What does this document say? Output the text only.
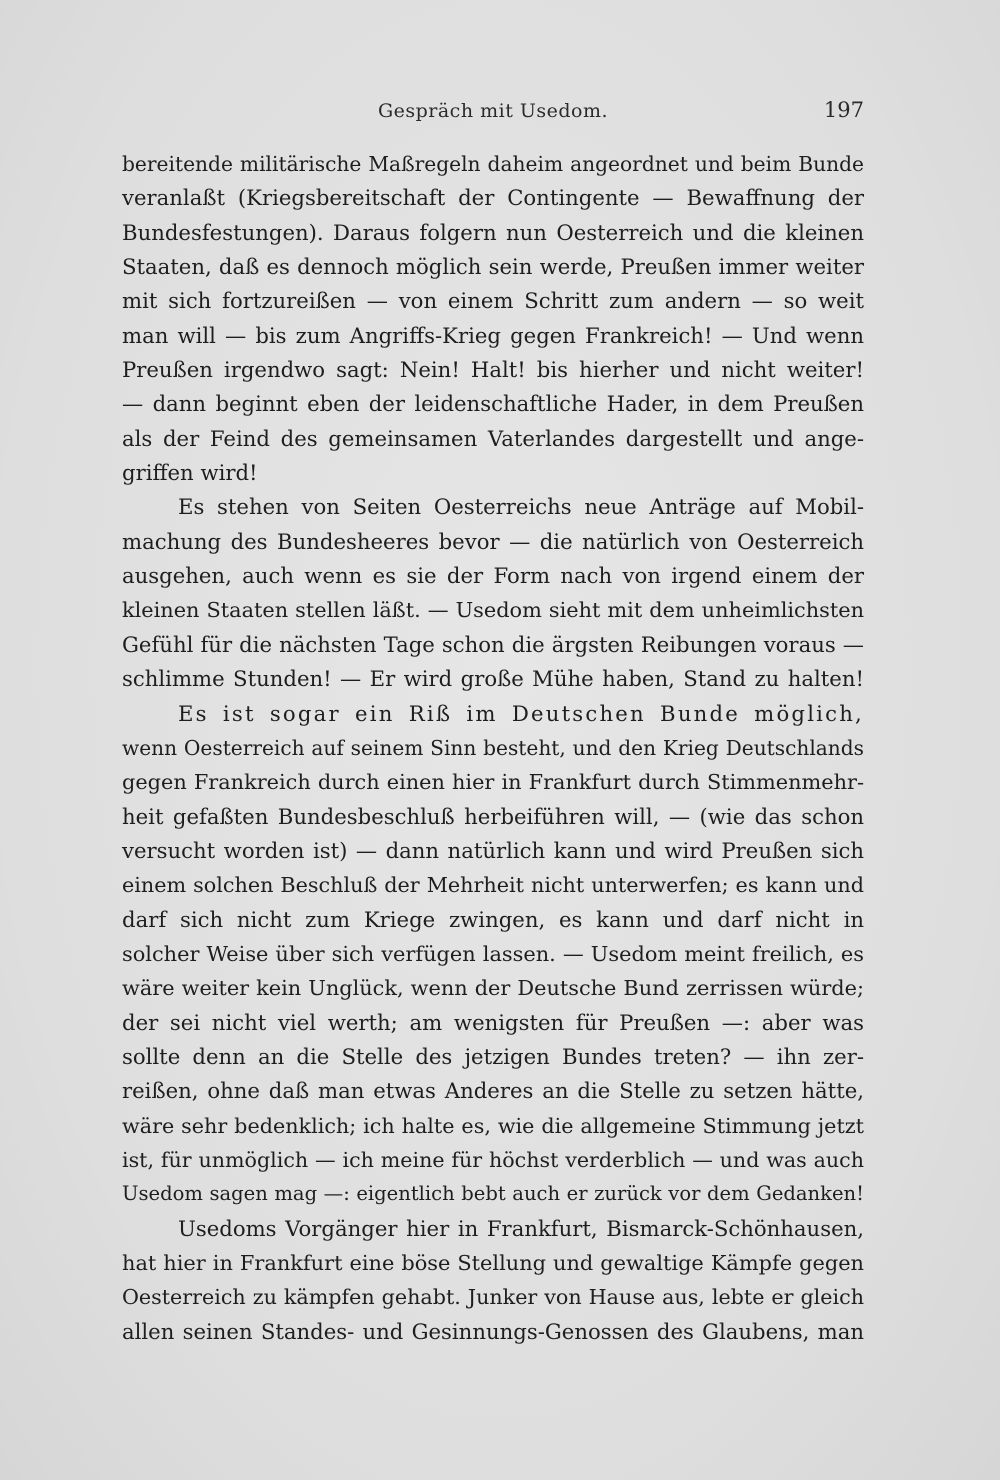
Gespräch mit Usedom.	197
bereitende militärische Maßregeln daheim angeordnet und beim Bunde
veranlaßt (Kriegsbereitschaft der Contingente — Bewaffnung der
Bundesfestungen). Daraus folgern nun Oesterreich und die kleinen
Staaten, daß es dennoch möglich sein werde, Preußen immer weiter
mit sich fortzureißen — von einem Schritt zum andern — so weit
man will — bis zum Angriffs-Krieg gegen Frankreich! — Und wenn
Preußen irgendwo sagt: Nein! Halt! bis hierher und nicht weiter!
— dann beginnt eben der leidenschaftliche Hader, in dem Preußen
als der Feind des gemeinsamen Vaterlandes dargestellt und ange-
griffen wird!
Es stehen von Seiten Oesterreichs neue Anträge auf Mobil-
machung des Bundesheeres bevor — die natürlich von Oesterreich
ausgehen, auch wenn es sie der Form nach von irgend einem der
kleinen Staaten stellen läßt. — Usedom sieht mit dem unheimlichsten
Gefühl für die nächsten Tage schon die ärgsten Reibungen voraus —
schlimme Stunden! — Er wird große Mühe haben, Stand zu halten!
Es ist sogar ein Riß im Deutschen Bunde möglich,
wenn Oesterreich auf seinem Sinn besteht, und den Krieg Deutschlands
gegen Frankreich durch einen hier in Frankfurt durch Stimmenmehr-
heit gefaßten Bundesbeschluß herbeiführen will, — (wie das schon
versucht worden ist) — dann natürlich kann und wird Preußen sich
einem solchen Beschluß der Mehrheit nicht unterwerfen; es kann und
darf sich nicht zum Kriege zwingen, es kann und darf nicht in
solcher Weise über sich verfügen lassen. — Usedom meint freilich, es
wäre weiter kein Unglück, wenn der Deutsche Bund zerrissen würde;
der sei nicht viel werth; am wenigsten für Preußen —: aber was
sollte denn an die Stelle des jetzigen Bundes treten? — ihn zer-
reißen, ohne daß man etwas Anderes an die Stelle zu setzen hätte,
wäre sehr bedenklich; ich halte es, wie die allgemeine Stimmung jetzt
ist, für unmöglich — ich meine für höchst verderblich — und was auch
Usedom sagen mag —: eigentlich bebt auch er zurück vor dem Gedanken!
Usedoms Vorgänger hier in Frankfurt, Bismarck-Schönhausen,
hat hier in Frankfurt eine böse Stellung und gewaltige Kämpfe gegen
Oesterreich zu kämpfen gehabt. Junker von Hause aus, lebte er gleich
allen seinen Standes- und Gesinnungs-Genossen des Glaubens, man
